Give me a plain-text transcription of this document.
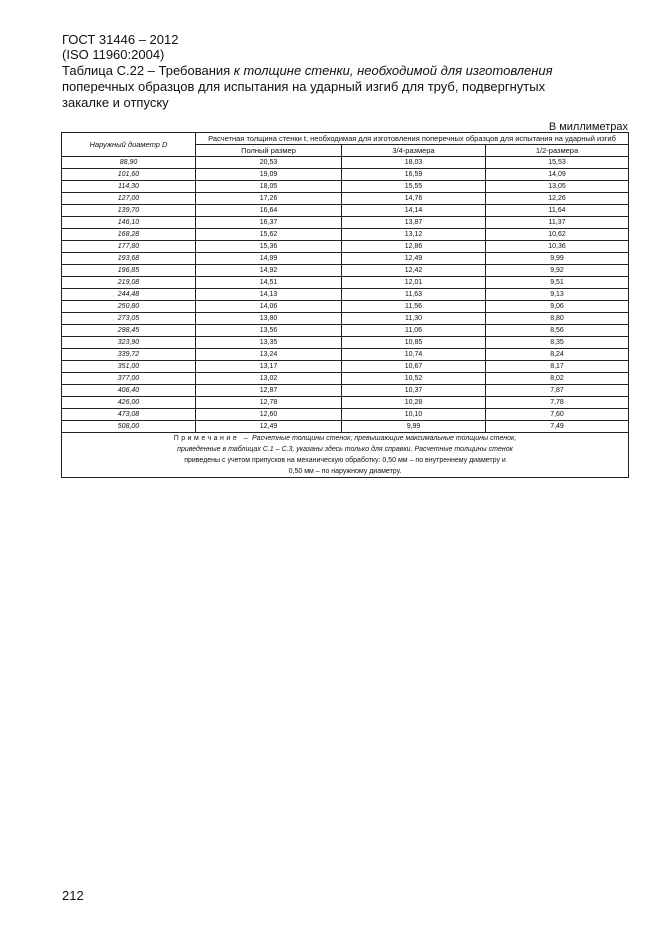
ГОСТ 31446 – 2012
(ISO 11960:2004)
Таблица С.22 – Требования к толщине стенки, необходимой для изготовления
поперечных образцов для испытания на ударный изгиб для труб, подвергнутых
закалке и отпуску
В миллиметрах
Наружный диаметр D	Расчетная толщина стенки t, необходимая для изготовления поперечных образцов для испытания на ударный изгиб		
	Полный размер	3/4-размера	1/2-размера
88,90	20,53	18,03	15,53
101,60	19,09	16,59	14,09
114,30	18,05	15,55	13,05
127,00	17,26	14,76	12,26
139,70	16,64	14,14	11,64
146,10	16,37	13,87	11,37
168,28	15,62	13,12	10,62
177,80	15,36	12,86	10,36
193,68	14,99	12,49	9,99
196,85	14,92	12,42	9,92
219,08	14,51	12,01	9,51
244,48	14,13	11,63	9,13
250,80	14,06	11,56	9,06
273,05	13,80	11,30	8,80
298,45	13,56	11,06	8,56
323,90	13,35	10,85	8,35
339,72	13,24	10,74	8,24
351,00	13,17	10,67	8,17
377,00	13,02	10,52	8,02
406,40	12,87	10,37	7,87
426,00	12,78	10,28	7,78
473,08	12,60	10,10	7,60
508,00	12,49	9,99	7,49

Примечание – Расчетные толщины стенок, превышающие максимальные толщины стенок,
приведенные в таблицах С.1 – С.3, указаны здесь только для справки. Расчетные толщины стенок
приведены с учетом припусков на механическую обработку: 0,50 мм – по внутреннему диаметру и
0,50 мм – по наружному диаметру.			
212
